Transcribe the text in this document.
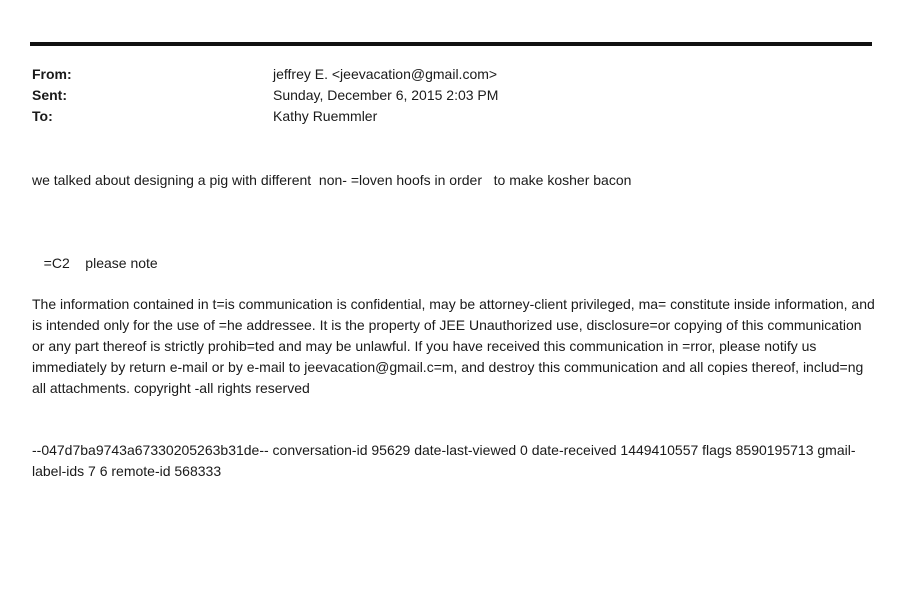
From:	jeffrey E. <jeevacation@gmail.com>
Sent:	Sunday, December 6, 2015 2:03 PM
To:	Kathy Ruemmler
we talked about designing a pig with different  non- =loven hoofs in order   to make kosher bacon
=C2    please note
The information contained in t=is communication is confidential, may be attorney-client privileged, ma= constitute inside information, and is intended only for the use of =he addressee. It is the property of JEE Unauthorized use, disclosure=or copying of this communication or any part thereof is strictly prohib=ted and may be unlawful. If you have received this communication in =rror, please notify us immediately by return e-mail or by e-mail to jeevacation@gmail.c=m, and destroy this communication and all copies thereof, includ=ng all attachments. copyright -all rights reserved
--047d7ba9743a67330205263b31de-- conversation-id 95629 date-last-viewed 0 date-received 1449410557 flags 8590195713 gmail-label-ids 7 6 remote-id 568333
